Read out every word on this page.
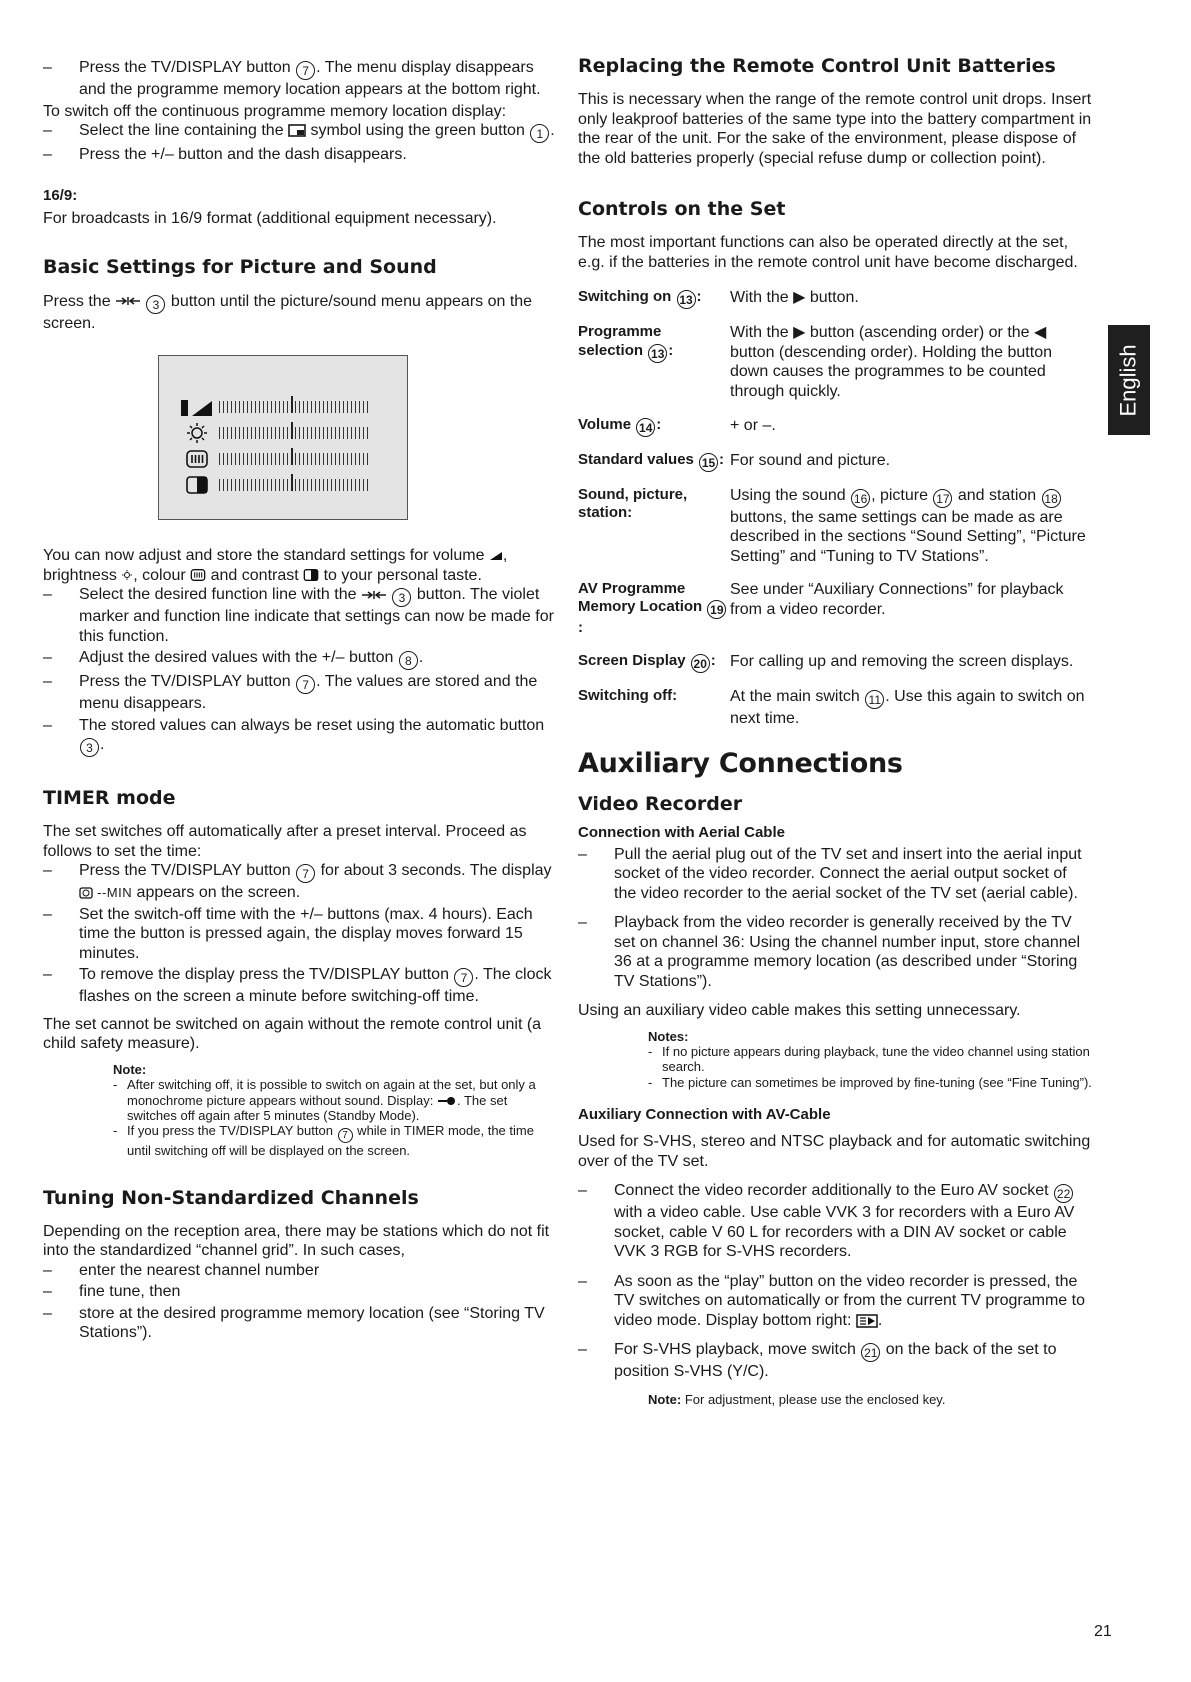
English
– Press the TV/DISPLAY button 7 . The menu display disappears and the programme memory location appears at the bottom right.

To switch off the continuous programme memory location display:

– Select the line containing the  symbol using the green button 1 .
– Press the +/– button and the dash disappears.

16/9:

For broadcasts in 16/9 format (additional equipment necessary).

Basic Settings for Picture and Sound

Press the	3 button until the picture/sound menu appears on the screen.

You can now adjust and store the standard settings for volume , brightness , colour  and contrast  to your personal taste.

– Select the desired function line with the	3 button. The violet marker and function line indicate that settings can now be made for this function.
– Adjust the desired values with the +/– button 8 .
– Press the TV/DISPLAY button 7 . The values are stored and the menu disappears.
– The stored values can always be reset using the automatic button 3 .

TIMER mode

The set switches off automatically after a preset interval. Proceed as follows to set the time:

– Press the TV/DISPLAY button 7 for about 3 seconds. The display  --MIN appears on the screen.
– Set the switch-off time with the +/– buttons (max. 4 hours). Each time the button is pressed again, the display moves forward 15 minutes.
– To remove the display press the TV/DISPLAY button 7 . The clock flashes on the screen a minute before switching-off time.

The set cannot be switched on again without the remote control unit (a child safety measure).

Note:
- After switching off, it is possible to switch on again at the set, but only a monochrome picture appears without sound. Display: . The set switches off again after 5 minutes (Standby Mode).
- If you press the TV/DISPLAY button 7 while in TIMER mode, the time until switching off will be displayed on the screen.

Tuning Non-Standardized Channels

Depending on the reception area, there may be stations which do not fit into the standardized “channel grid”. In such cases,

– enter the nearest channel number
– fine tune, then
– store at the desired programme memory location (see “Storing TV Stations”).

Replacing the Remote Control Unit Batteries

This is necessary when the range of the remote control unit drops. Insert only leakproof batteries of the same type into the battery compartment in the rear of the unit. For the sake of the environment, please dispose of the old batteries properly (special refuse dump or collection point).

Controls on the Set

The most important functions can also be operated directly at the set, e.g. if the batteries in the remote control unit have become discharged.

Switching on 13 :	With the ▶ button.
Programme selection 13 :
With the ▶ button (ascending order) or the ◀ button (descending order). Holding the button down causes the programmes to be counted through quickly.
Volume 14 :	+ or –.
Standard values 15 : For sound and picture.
Sound, picture, station:
Using the sound 16 , picture 17 and station 18 buttons, the same settings can be made as are described in the sections “Sound Setting”, “Picture Setting” and “Tuning to TV Stations”.
AV Programme Memory Location 19:
See under “Auxiliary Connections” for playback from a video recorder.
Screen Display 20 : For calling up and removing the screen displays.
Switching off:	At the main switch 11 . Use this again to switch on next time.

Auxiliary Connections

Video Recorder

Connection with Aerial Cable

– Pull the aerial plug out of the TV set and insert into the aerial input socket of the video recorder. Connect the aerial output socket of the video recorder to the aerial socket of the TV set (aerial cable).
– Playback from the video recorder is generally received by the TV set on channel 36: Using the channel number input, store channel 36 at a programme memory location (as described under “Storing TV Stations”).

Using an auxiliary video cable makes this setting unnecessary.

Notes:
- If no picture appears during playback, tune the video channel using station search.
- The picture can sometimes be improved by fine-tuning (see “Fine Tuning”).

Auxiliary Connection with AV-Cable

Used for S-VHS, stereo and NTSC playback and for automatic switching over of the TV set.

– Connect the video recorder additionally to the Euro AV socket 22 with a video cable. Use cable VVK 3 for recorders with a Euro AV socket, cable V 60 L for recorders with a DIN AV socket or cable VVK 3 RGB for S-VHS recorders.
– As soon as the “play” button on the video recorder is pressed, the TV switches on automatically or from the current TV programme to video mode. Display bottom right: .
– For S-VHS playback, move switch 21 on the back of the set to position S-VHS (Y/C).

Note: For adjustment, please use the enclosed key.

21
